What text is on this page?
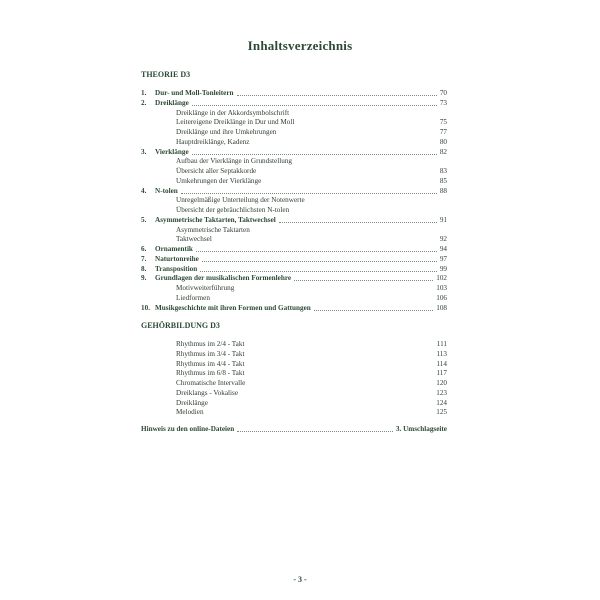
Inhaltsverzeichnis
THEORIE D3
1.	Dur- und Moll-Tonleitern	70
2.	Dreiklänge	73
Dreiklänge in der Akkordsymbolschrift
Leitereigene Dreiklänge in Dur und Moll	75
Dreiklänge und ihre Umkehrungen	77
Hauptdreiklänge, Kadenz	80
3.	Vierklänge	82
Aufbau der Vierklänge in Grundstellung
Übersicht aller Septakkorde	83
Umkehrungen der Vierklänge	85
4.	N-tolen	88
Unregelmäßige Unterteilung der Notenwerte
Übersicht der gebräuchlichsten N-tolen
5.	Asymmetrische Taktarten, Taktwechsel	91
Asymmetrische Taktarten
Taktwechsel	92
6.	Ornamentik	94
7.	Naturtonreihe	97
8.	Transposition	99
9.	Grundlagen der musikalischen Formenlehre	102
Motivweiterführung	103
Liedformen	106
10. Musikgeschichte mit ihren Formen und Gattungen	108
GEHÖRBILDUNG D3
Rhythmus im 2/4 - Takt	111
Rhythmus im 3/4 - Takt	113
Rhythmus im 4/4 - Takt	114
Rhythmus im 6/8 - Takt	117
Chromatische Intervalle	120
Dreiklangs - Vokalise	123
Dreiklänge	124
Melodien	125
Hinweis zu den online-Dateien	3. Umschlagseite
- 3 -
